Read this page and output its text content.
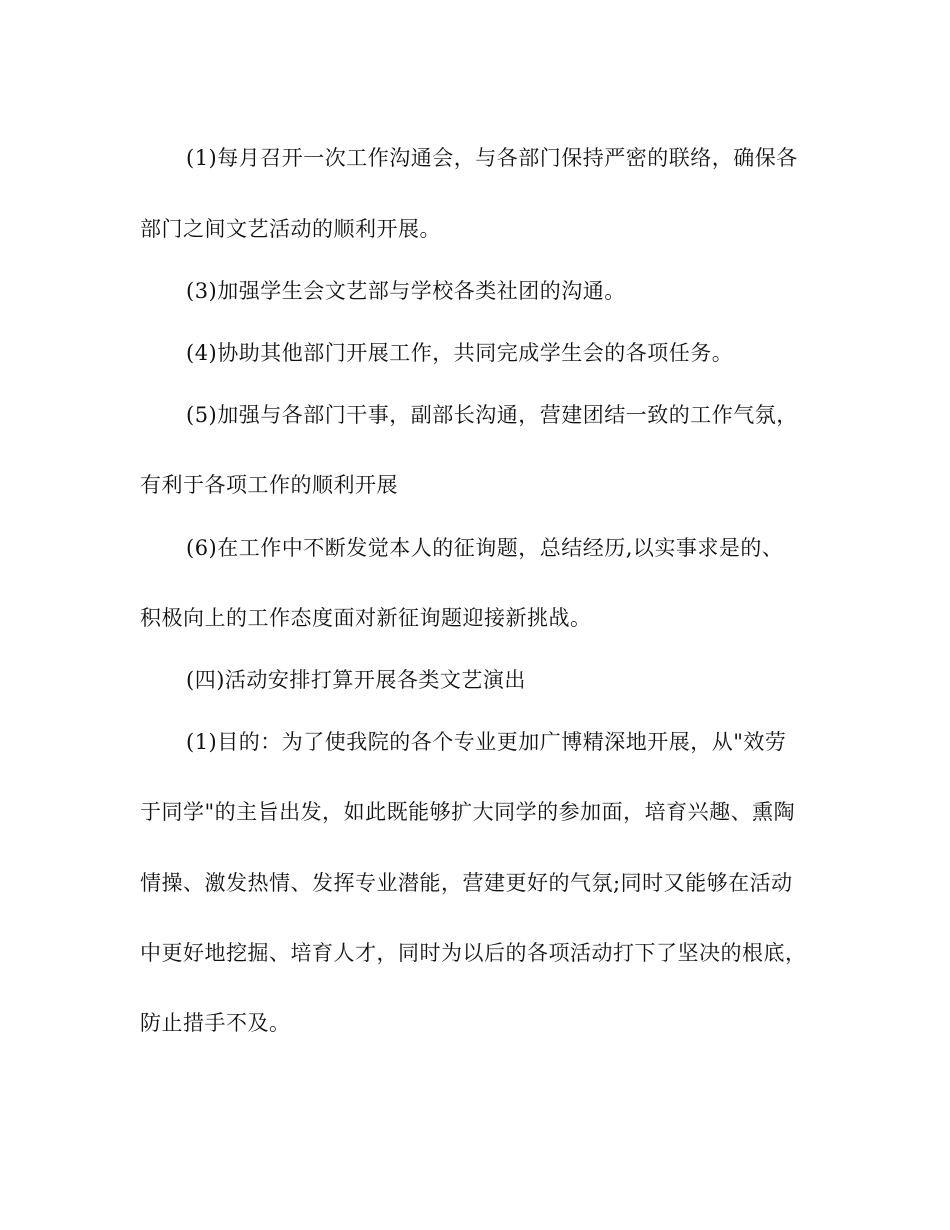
(1)每月召开一次工作沟通会，与各部门保持严密的联络，确保各

部门之间文艺活动的顺利开展。

(3)加强学生会文艺部与学校各类社团的沟通。

(4)协助其他部门开展工作，共同完成学生会的各项任务。

(5)加强与各部门干事，副部长沟通，营建团结一致的工作气氛，

有利于各项工作的顺利开展

(6)在工作中不断发觉本人的征询题，总结经历,以实事求是的、

积极向上的工作态度面对新征询题迎接新挑战。

(四)活动安排打算开展各类文艺演出

(1)目的：为了使我院的各个专业更加广博精深地开展，从"效劳

于同学"的主旨出发，如此既能够扩大同学的参加面，培育兴趣、熏陶

情操、激发热情、发挥专业潜能，营建更好的气氛;同时又能够在活动

中更好地挖掘、培育人才，同时为以后的各项活动打下了坚决的根底，

防止措手不及。
